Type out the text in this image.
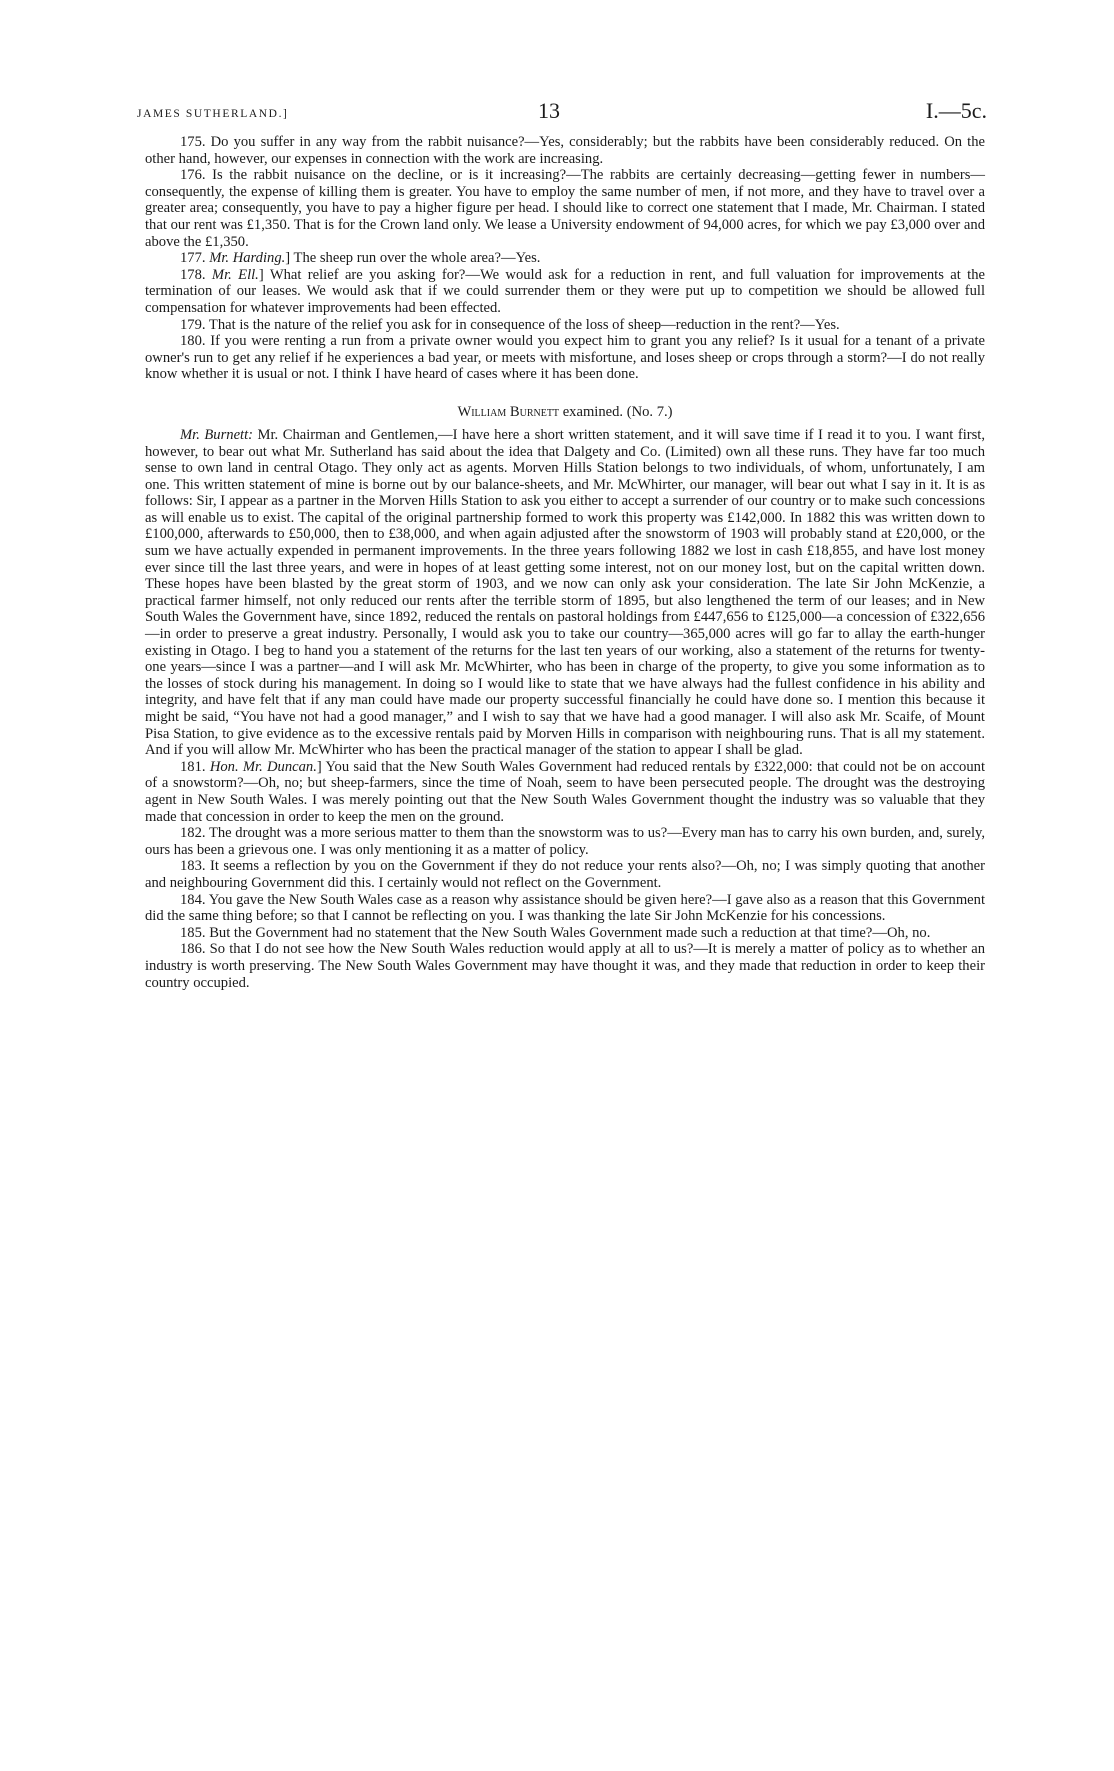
JAMES SUTHERLAND.]	13	I.—5c.

175. Do you suffer in any way from the rabbit nuisance?—Yes, considerably; but the rabbits have been considerably reduced. On the other hand, however, our expenses in connection with the work are increasing.

176. Is the rabbit nuisance on the decline, or is it increasing?—The rabbits are certainly decreasing—getting fewer in numbers—consequently, the expense of killing them is greater. You have to employ the same number of men, if not more, and they have to travel over a greater area; consequently, you have to pay a higher figure per head. I should like to correct one statement that I made, Mr. Chairman. I stated that our rent was £1,350. That is for the Crown land only. We lease a University endowment of 94,000 acres, for which we pay £3,000 over and above the £1,350.

177. Mr. Harding.] The sheep run over the whole area?—Yes.

178. Mr. Ell.] What relief are you asking for?—We would ask for a reduction in rent, and full valuation for improvements at the termination of our leases. We would ask that if we could surrender them or they were put up to competition we should be allowed full compensation for whatever improvements had been effected.

179. That is the nature of the relief you ask for in consequence of the loss of sheep—reduction in the rent?—Yes.

180. If you were renting a run from a private owner would you expect him to grant you any relief? Is it usual for a tenant of a private owner's run to get any relief if he experiences a bad year, or meets with misfortune, and loses sheep or crops through a storm?—I do not really know whether it is usual or not. I think I have heard of cases where it has been done.

William Burnett examined. (No. 7.)

Mr. Burnett: Mr. Chairman and Gentlemen,—I have here a short written statement, and it will save time if I read it to you. I want first, however, to bear out what Mr. Sutherland has said about the idea that Dalgety and Co. (Limited) own all these runs. They have far too much sense to own land in central Otago. They only act as agents. Morven Hills Station belongs to two individuals, of whom, unfortunately, I am one. This written statement of mine is borne out by our balance-sheets, and Mr. McWhirter, our manager, will bear out what I say in it. It is as follows: Sir, I appear as a partner in the Morven Hills Station to ask you either to accept a surrender of our country or to make such concessions as will enable us to exist. The capital of the original partnership formed to work this property was £142,000. In 1882 this was written down to £100,000, afterwards to £50,000, then to £38,000, and when again adjusted after the snowstorm of 1903 will probably stand at £20,000, or the sum we have actually expended in permanent improvements. In the three years following 1882 we lost in cash £18,855, and have lost money ever since till the last three years, and were in hopes of at least getting some interest, not on our money lost, but on the capital written down. These hopes have been blasted by the great storm of 1903, and we now can only ask your consideration. The late Sir John McKenzie, a practical farmer himself, not only reduced our rents after the terrible storm of 1895, but also lengthened the term of our leases; and in New South Wales the Government have, since 1892, reduced the rentals on pastoral holdings from £447,656 to £125,000—a concession of £322,656—in order to preserve a great industry. Personally, I would ask you to take our country—365,000 acres will go far to allay the earth-hunger existing in Otago. I beg to hand you a statement of the returns for the last ten years of our working, also a statement of the returns for twenty-one years—since I was a partner—and I will ask Mr. McWhirter, who has been in charge of the property, to give you some information as to the losses of stock during his management. In doing so I would like to state that we have always had the fullest confidence in his ability and integrity, and have felt that if any man could have made our property successful financially he could have done so. I mention this because it might be said, “You have not had a good manager,” and I wish to say that we have had a good manager. I will also ask Mr. Scaife, of Mount Pisa Station, to give evidence as to the excessive rentals paid by Morven Hills in comparison with neighbouring runs. That is all my statement. And if you will allow Mr. McWhirter who has been the practical manager of the station to appear I shall be glad.

181. Hon. Mr. Duncan.] You said that the New South Wales Government had reduced rentals by £322,000: that could not be on account of a snowstorm?—Oh, no; but sheep-farmers, since the time of Noah, seem to have been persecuted people. The drought was the destroying agent in New South Wales. I was merely pointing out that the New South Wales Government thought the industry was so valuable that they made that concession in order to keep the men on the ground.

182. The drought was a more serious matter to them than the snowstorm was to us?—Every man has to carry his own burden, and, surely, ours has been a grievous one. I was only mentioning it as a matter of policy.

183. It seems a reflection by you on the Government if they do not reduce your rents also?—Oh, no; I was simply quoting that another and neighbouring Government did this. I certainly would not reflect on the Government.

184. You gave the New South Wales case as a reason why assistance should be given here?—I gave also as a reason that this Government did the same thing before; so that I cannot be reflecting on you. I was thanking the late Sir John McKenzie for his concessions.

185. But the Government had no statement that the New South Wales Government made such a reduction at that time?—Oh, no.

186. So that I do not see how the New South Wales reduction would apply at all to us?—It is merely a matter of policy as to whether an industry is worth preserving. The New South Wales Government may have thought it was, and they made that reduction in order to keep their country occupied.
